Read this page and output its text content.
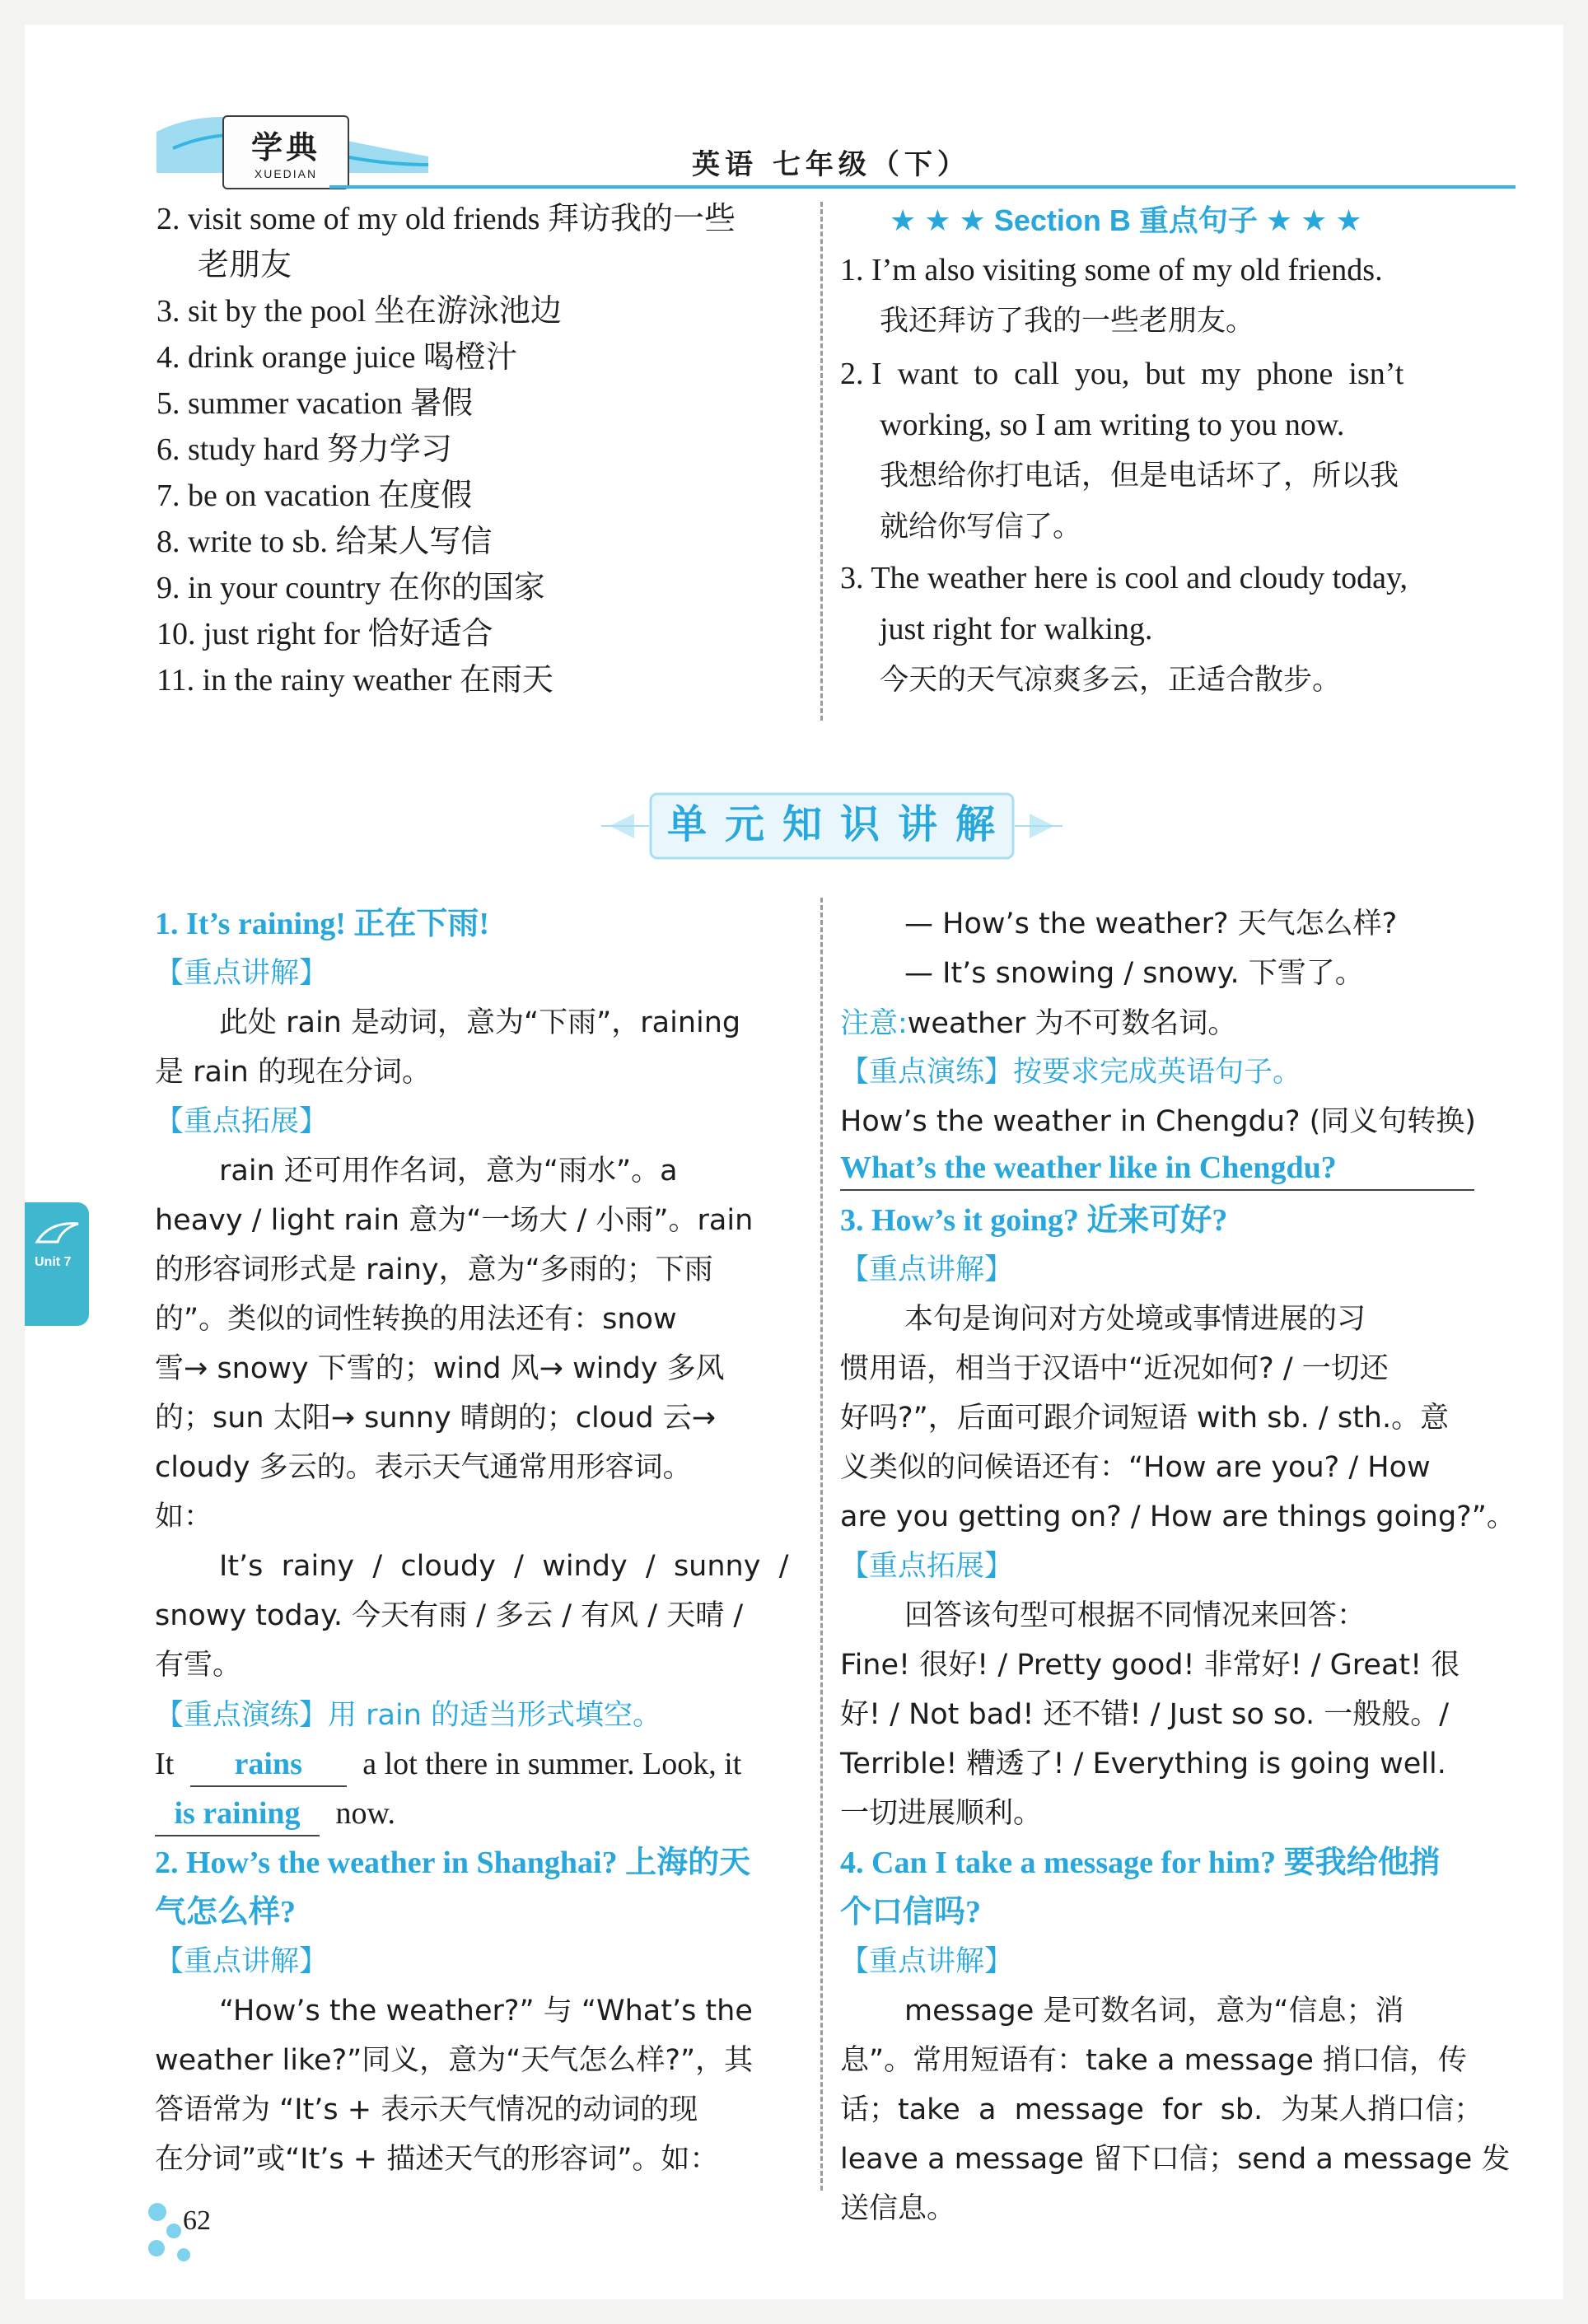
学典
XUEDIAN	英语 七年级（下）
2. visit some of my old friends 拜访我的一些
老朋友
3. sit by the pool 坐在游泳池边
4. drink orange juice 喝橙汁
5. summer vacation 暑假
6. study hard 努力学习
7. be on vacation 在度假
8. write to sb. 给某人写信
9. in your country 在你的国家
10. just right for 恰好适合
11. in the rainy weather 在雨天
★ ★ ★ Section B 重点句子 ★ ★ ★
1. I’m also visiting some of my old friends.
我还拜访了我的一些老朋友。
2. I  want  to  call  you,  but  my  phone  isn’t
working, so I am writing to you now.
我想给你打电话，但是电话坏了，所以我
就给你写信了。
3. The weather here is cool and cloudy today,
just right for walking.
今天的天气凉爽多云，正适合散步。
单元知识讲解
1. It’s raining! 正在下雨!
【重点讲解】
此处 rain 是动词，意为“下雨”，raining
是 rain 的现在分词。
【重点拓展】
rain 还可用作名词，意为“雨水”。a
heavy / light rain 意为“一场大 / 小雨”。rain
的形容词形式是 rainy，意为“多雨的；下雨
的”。类似的词性转换的用法还有：snow
雪→ snowy 下雪的；wind 风→ windy 多风
的；sun 太阳→ sunny 晴朗的；cloud 云→
cloudy 多云的。表示天气通常用形容词。
如：
It’s  rainy  /  cloudy  /  windy  /  sunny  /
snowy today. 今天有雨 / 多云 / 有风 / 天晴 /
有雪。
【重点演练】用 rain 的适当形式填空。
It rains a lot there in summer. Look, it
is raining now.
2. How’s the weather in Shanghai? 上海的天
气怎么样?
【重点讲解】
“How’s the weather?” 与 “What’s the
weather like?”同义，意为“天气怎么样?”，其
答语常为 “It’s + 表示天气情况的动词的现
在分词”或“It’s + 描述天气的形容词”。如：
— How’s the weather? 天气怎么样?
— It’s snowing / snowy. 下雪了。
注意:weather 为不可数名词。
【重点演练】按要求完成英语句子。
How’s the weather in Chengdu? (同义句转换)
What’s the weather like in Chengdu?
3. How’s it going? 近来可好?
【重点讲解】
本句是询问对方处境或事情进展的习
惯用语，相当于汉语中“近况如何? / 一切还
好吗?”，后面可跟介词短语 with sb. / sth.。意
义类似的问候语还有：“How are you? / How
are you getting on? / How are things going?”。
【重点拓展】
回答该句型可根据不同情况来回答：
Fine! 很好! / Pretty good! 非常好! / Great! 很
好! / Not bad! 还不错! / Just so so. 一般般。/
Terrible! 糟透了! / Everything is going well.
一切进展顺利。
4. Can I take a message for him? 要我给他捎
个口信吗?
【重点讲解】
message 是可数名词，意为“信息；消
息”。常用短语有：take a message 捎口信，传
话；take  a  message  for  sb.  为某人捎口信；
leave a message 留下口信；send a message 发
送信息。
Unit 7
62
